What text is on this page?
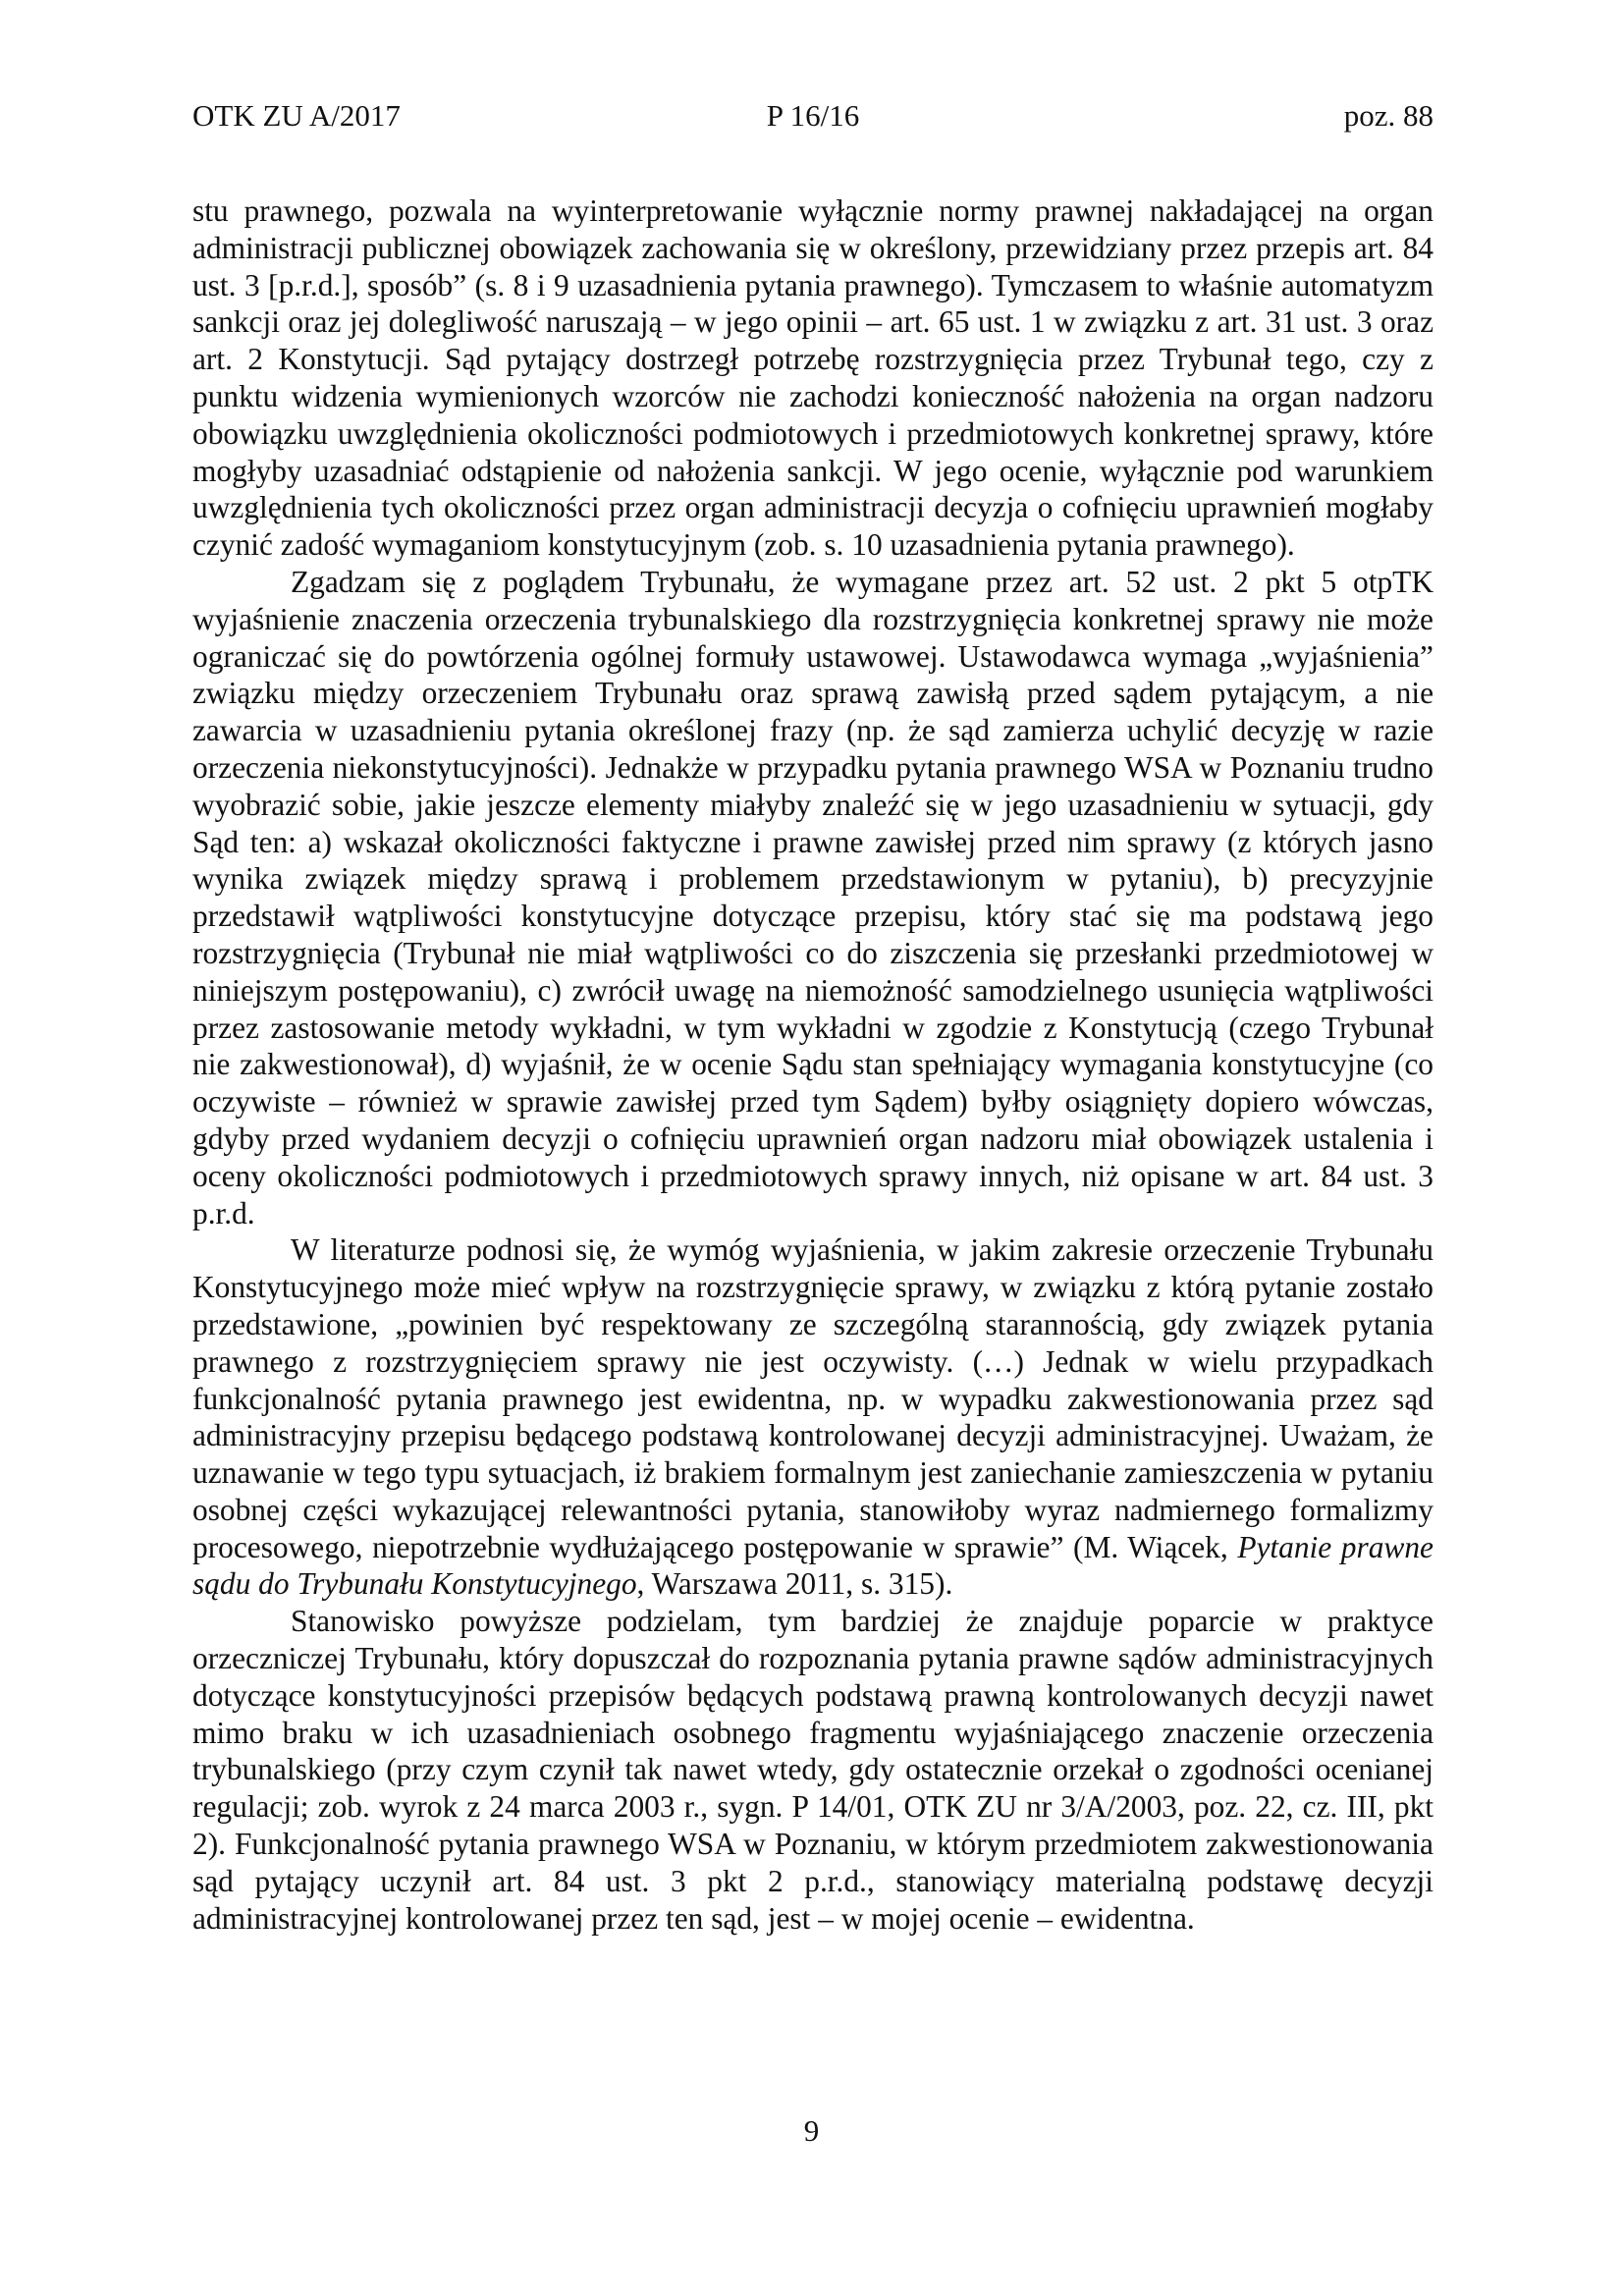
OTK ZU A/2017	P 16/16	poz. 88

stu prawnego, pozwala na wyinterpretowanie wyłącznie normy prawnej nakładającej na organ administracji publicznej obowiązek zachowania się w określony, przewidziany przez przepis art. 84 ust. 3 [p.r.d.], sposób” (s. 8 i 9 uzasadnienia pytania prawnego). Tymczasem to właśnie automatyzm sankcji oraz jej dolegliwość naruszają – w jego opinii – art. 65 ust. 1 w związku z art. 31 ust. 3 oraz art. 2 Konstytucji. Sąd pytający dostrzegł potrzebę rozstrzygnięcia przez Trybunał tego, czy z punktu widzenia wymienionych wzorców nie zachodzi konieczność nałożenia na organ nadzoru obowiązku uwzględnienia okoliczności podmiotowych i przedmiotowych konkretnej sprawy, które mogłyby uzasadniać odstąpienie od nałożenia sankcji. W jego ocenie, wyłącznie pod warunkiem uwzględnienia tych okoliczności przez organ administracji decyzja o cofnięciu uprawnień mogłaby czynić zadość wymaganiom konstytucyjnym (zob. s. 10 uzasadnienia pytania prawnego).

Zgadzam się z poglądem Trybunału, że wymagane przez art. 52 ust. 2 pkt 5 otpTK wyjaśnienie znaczenia orzeczenia trybunalskiego dla rozstrzygnięcia konkretnej sprawy nie może ograniczać się do powtórzenia ogólnej formuły ustawowej. Ustawodawca wymaga „wyjaśnienia” związku między orzeczeniem Trybunału oraz sprawą zawisłą przed sądem pytającym, a nie zawarcia w uzasadnieniu pytania określonej frazy (np. że sąd zamierza uchylić decyzję w razie orzeczenia niekonstytucyjności). Jednakże w przypadku pytania prawnego WSA w Poznaniu trudno wyobrazić sobie, jakie jeszcze elementy miałyby znaleźć się w jego uzasadnieniu w sytuacji, gdy Sąd ten: a) wskazał okoliczności faktyczne i prawne zawisłej przed nim sprawy (z których jasno wynika związek między sprawą i problemem przedstawionym w pytaniu), b) precyzyjnie przedstawił wątpliwości konstytucyjne dotyczące przepisu, który stać się ma podstawą jego rozstrzygnięcia (Trybunał nie miał wątpliwości co do ziszczenia się przesłanki przedmiotowej w niniejszym postępowaniu), c) zwrócił uwagę na niemożność samodzielnego usunięcia wątpliwości przez zastosowanie metody wykładni, w tym wykładni w zgodzie z Konstytucją (czego Trybunał nie zakwestionował), d) wyjaśnił, że w ocenie Sądu stan spełniający wymagania konstytucyjne (co oczywiste – również w sprawie zawisłej przed tym Sądem) byłby osiągnięty dopiero wówczas, gdyby przed wydaniem decyzji o cofnięciu uprawnień organ nadzoru miał obowiązek ustalenia i oceny okoliczności podmiotowych i przedmiotowych sprawy innych, niż opisane w art. 84 ust. 3 p.r.d.

W literaturze podnosi się, że wymóg wyjaśnienia, w jakim zakresie orzeczenie Trybunału Konstytucyjnego może mieć wpływ na rozstrzygnięcie sprawy, w związku z którą pytanie zostało przedstawione, „powinien być respektowany ze szczególną starannością, gdy związek pytania prawnego z rozstrzygnięciem sprawy nie jest oczywisty. (…) Jednak w wielu przypadkach funkcjonalność pytania prawnego jest ewidentna, np. w wypadku zakwestionowania przez sąd administracyjny przepisu będącego podstawą kontrolowanej decyzji administracyjnej. Uważam, że uznawanie w tego typu sytuacjach, iż brakiem formalnym jest zaniechanie zamieszczenia w pytaniu osobnej części wykazującej relewantności pytania, stanowiłoby wyraz nadmiernego formalizmy procesowego, niepotrzebnie wydłużającego postępowanie w sprawie” (M. Wiącek, Pytanie prawne sądu do Trybunału Konstytucyjnego, Warszawa 2011, s. 315).

Stanowisko powyższe podzielam, tym bardziej że znajduje poparcie w praktyce orzeczniczej Trybunału, który dopuszczał do rozpoznania pytania prawne sądów administracyjnych dotyczące konstytucyjności przepisów będących podstawą prawną kontrolowanych decyzji nawet mimo braku w ich uzasadnieniach osobnego fragmentu wyjaśniającego znaczenie orzeczenia trybunalskiego (przy czym czynił tak nawet wtedy, gdy ostatecznie orzekał o zgodności ocenianej regulacji; zob. wyrok z 24 marca 2003 r., sygn. P 14/01, OTK ZU nr 3/A/2003, poz. 22, cz. III, pkt 2). Funkcjonalność pytania prawnego WSA w Poznaniu, w którym przedmiotem zakwestionowania sąd pytający uczynił art. 84 ust. 3 pkt 2 p.r.d., stanowiący materialną podstawę decyzji administracyjnej kontrolowanej przez ten sąd, jest – w mojej ocenie – ewidentna.

9
